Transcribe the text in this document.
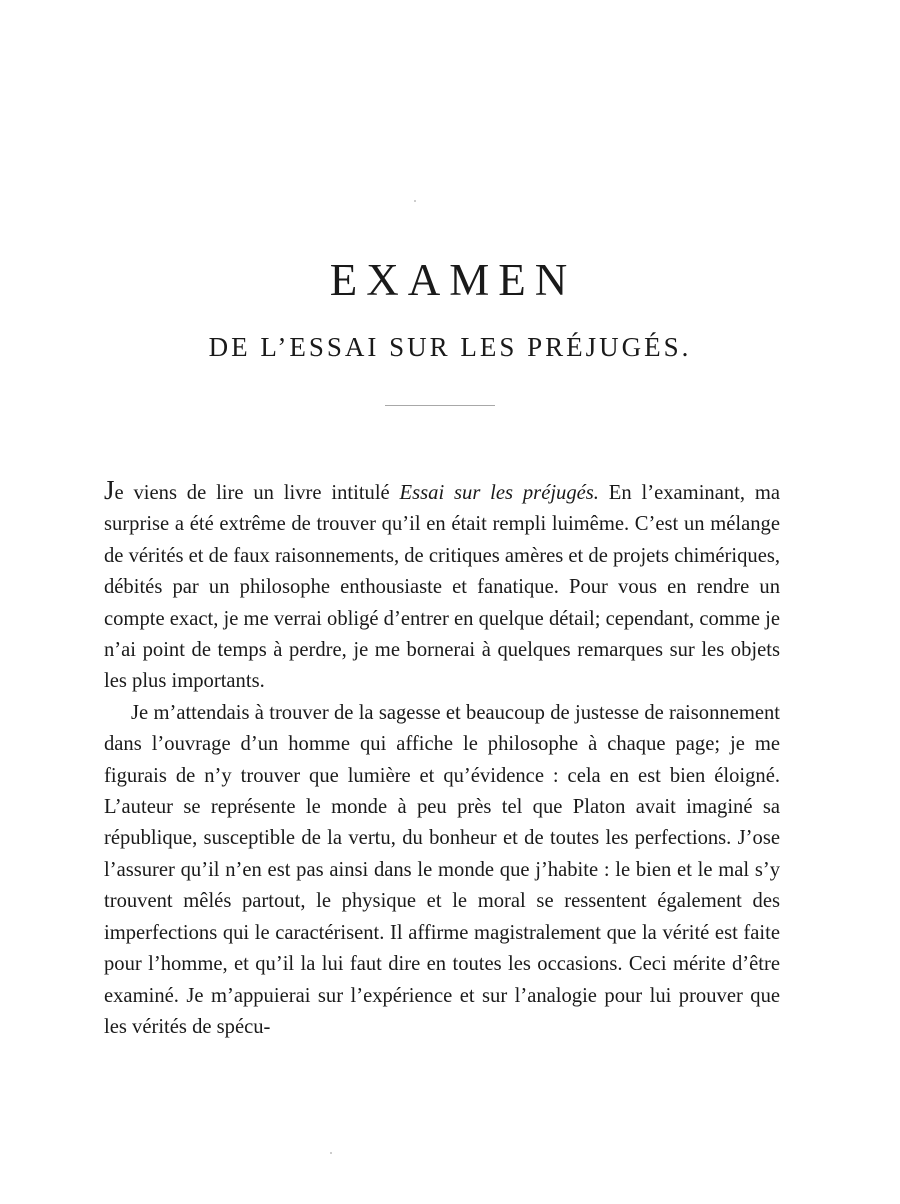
EXAMEN
DE L’ESSAI SUR LES PRÉJUGÉS.

Je viens de lire un livre intitulé Essai sur les préjugés. En l’examinant, ma surprise a été extrême de trouver qu’il en était rempli luimême. C’est un mélange de vérités et de faux raisonnements, de critiques amères et de projets chimériques, débités par un philosophe enthousiaste et fanatique. Pour vous en rendre un compte exact, je me verrai obligé d’entrer en quelque détail; cependant, comme je n’ai point de temps à perdre, je me bornerai à quelques remarques sur les objets les plus importants.

Je m’attendais à trouver de la sagesse et beaucoup de justesse de raisonnement dans l’ouvrage d’un homme qui affiche le philosophe à chaque page; je me figurais de n’y trouver que lumière et qu’évidence : cela en est bien éloigné. L’auteur se représente le monde à peu près tel que Platon avait imaginé sa république, susceptible de la vertu, du bonheur et de toutes les perfections. J’ose l’assurer qu’il n’en est pas ainsi dans le monde que j’habite : le bien et le mal s’y trouvent mêlés partout, le physique et le moral se ressentent également des imperfections qui le caractérisent. Il affirme magistralement que la vérité est faite pour l’homme, et qu’il la lui faut dire en toutes les occasions. Ceci mérite d’être examiné. Je m’appuierai sur l’expérience et sur l’analogie pour lui prouver que les vérités de spécu-
